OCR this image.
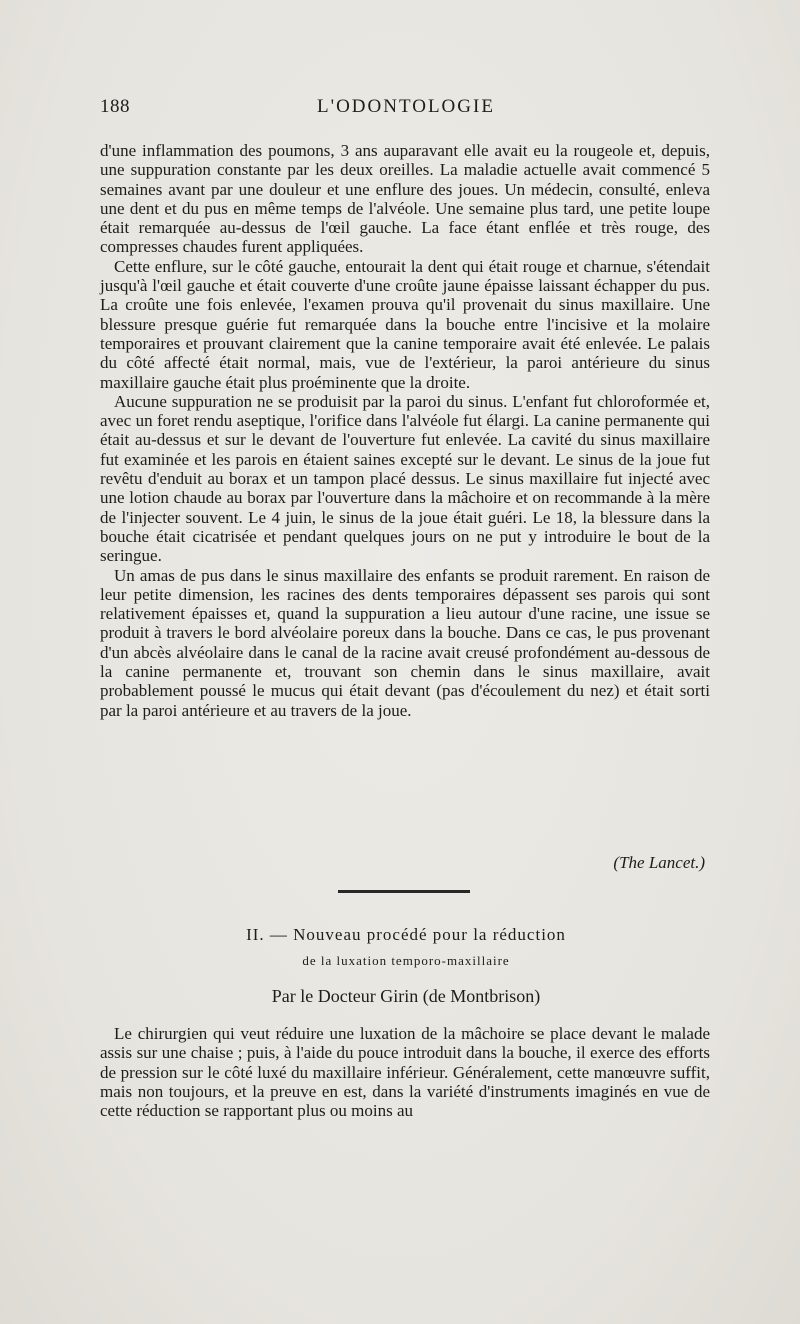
188	L'ODONTOLOGIE

d'une inflammation des poumons, 3 ans auparavant elle avait eu la rougeole et, depuis, une suppuration constante par les deux oreilles. La maladie actuelle avait commencé 5 semaines avant par une douleur et une enflure des joues. Un médecin, consulté, enleva une dent et du pus en même temps de l'alvéole. Une semaine plus tard, une petite loupe était remarquée au-dessus de l'œil gauche. La face étant enflée et très rouge, des compresses chaudes furent appliquées.

Cette enflure, sur le côté gauche, entourait la dent qui était rouge et charnue, s'étendait jusqu'à l'œil gauche et était couverte d'une croûte jaune épaisse laissant échapper du pus. La croûte une fois enlevée, l'examen prouva qu'il provenait du sinus maxillaire. Une blessure presque guérie fut remarquée dans la bouche entre l'incisive et la molaire temporaires et prouvant clairement que la canine temporaire avait été enlevée. Le palais du côté affecté était normal, mais, vue de l'extérieur, la paroi antérieure du sinus maxillaire gauche était plus proéminente que la droite.

Aucune suppuration ne se produisit par la paroi du sinus. L'enfant fut chloroformée et, avec un foret rendu aseptique, l'orifice dans l'alvéole fut élargi. La canine permanente qui était au-dessus et sur le devant de l'ouverture fut enlevée. La cavité du sinus maxillaire fut examinée et les parois en étaient saines excepté sur le devant. Le sinus de la joue fut revêtu d'enduit au borax et un tampon placé dessus. Le sinus maxillaire fut injecté avec une lotion chaude au borax par l'ouverture dans la mâchoire et on recommande à la mère de l'injecter souvent. Le 4 juin, le sinus de la joue était guéri. Le 18, la blessure dans la bouche était cicatrisée et pendant quelques jours on ne put y introduire le bout de la seringue.

Un amas de pus dans le sinus maxillaire des enfants se produit rarement. En raison de leur petite dimension, les racines des dents temporaires dépassent ses parois qui sont relativement épaisses et, quand la suppuration a lieu autour d'une racine, une issue se produit à travers le bord alvéolaire poreux dans la bouche. Dans ce cas, le pus provenant d'un abcès alvéolaire dans le canal de la racine avait creusé profondément au-dessous de la canine permanente et, trouvant son chemin dans le sinus maxillaire, avait probablement poussé le mucus qui était devant (pas d'écoulement du nez) et était sorti par la paroi antérieure et au travers de la joue.

(The Lancet.)
II. — Nouveau procédé pour la réduction
de la luxation temporo-maxillaire
Par le Docteur Girin (de Montbrison)

Le chirurgien qui veut réduire une luxation de la mâchoire se place devant le malade assis sur une chaise ; puis, à l'aide du pouce introduit dans la bouche, il exerce des efforts de pression sur le côté luxé du maxillaire inférieur. Généralement, cette manœuvre suffit, mais non toujours, et la preuve en est, dans la variété d'instruments imaginés en vue de cette réduction se rapportant plus ou moins au
